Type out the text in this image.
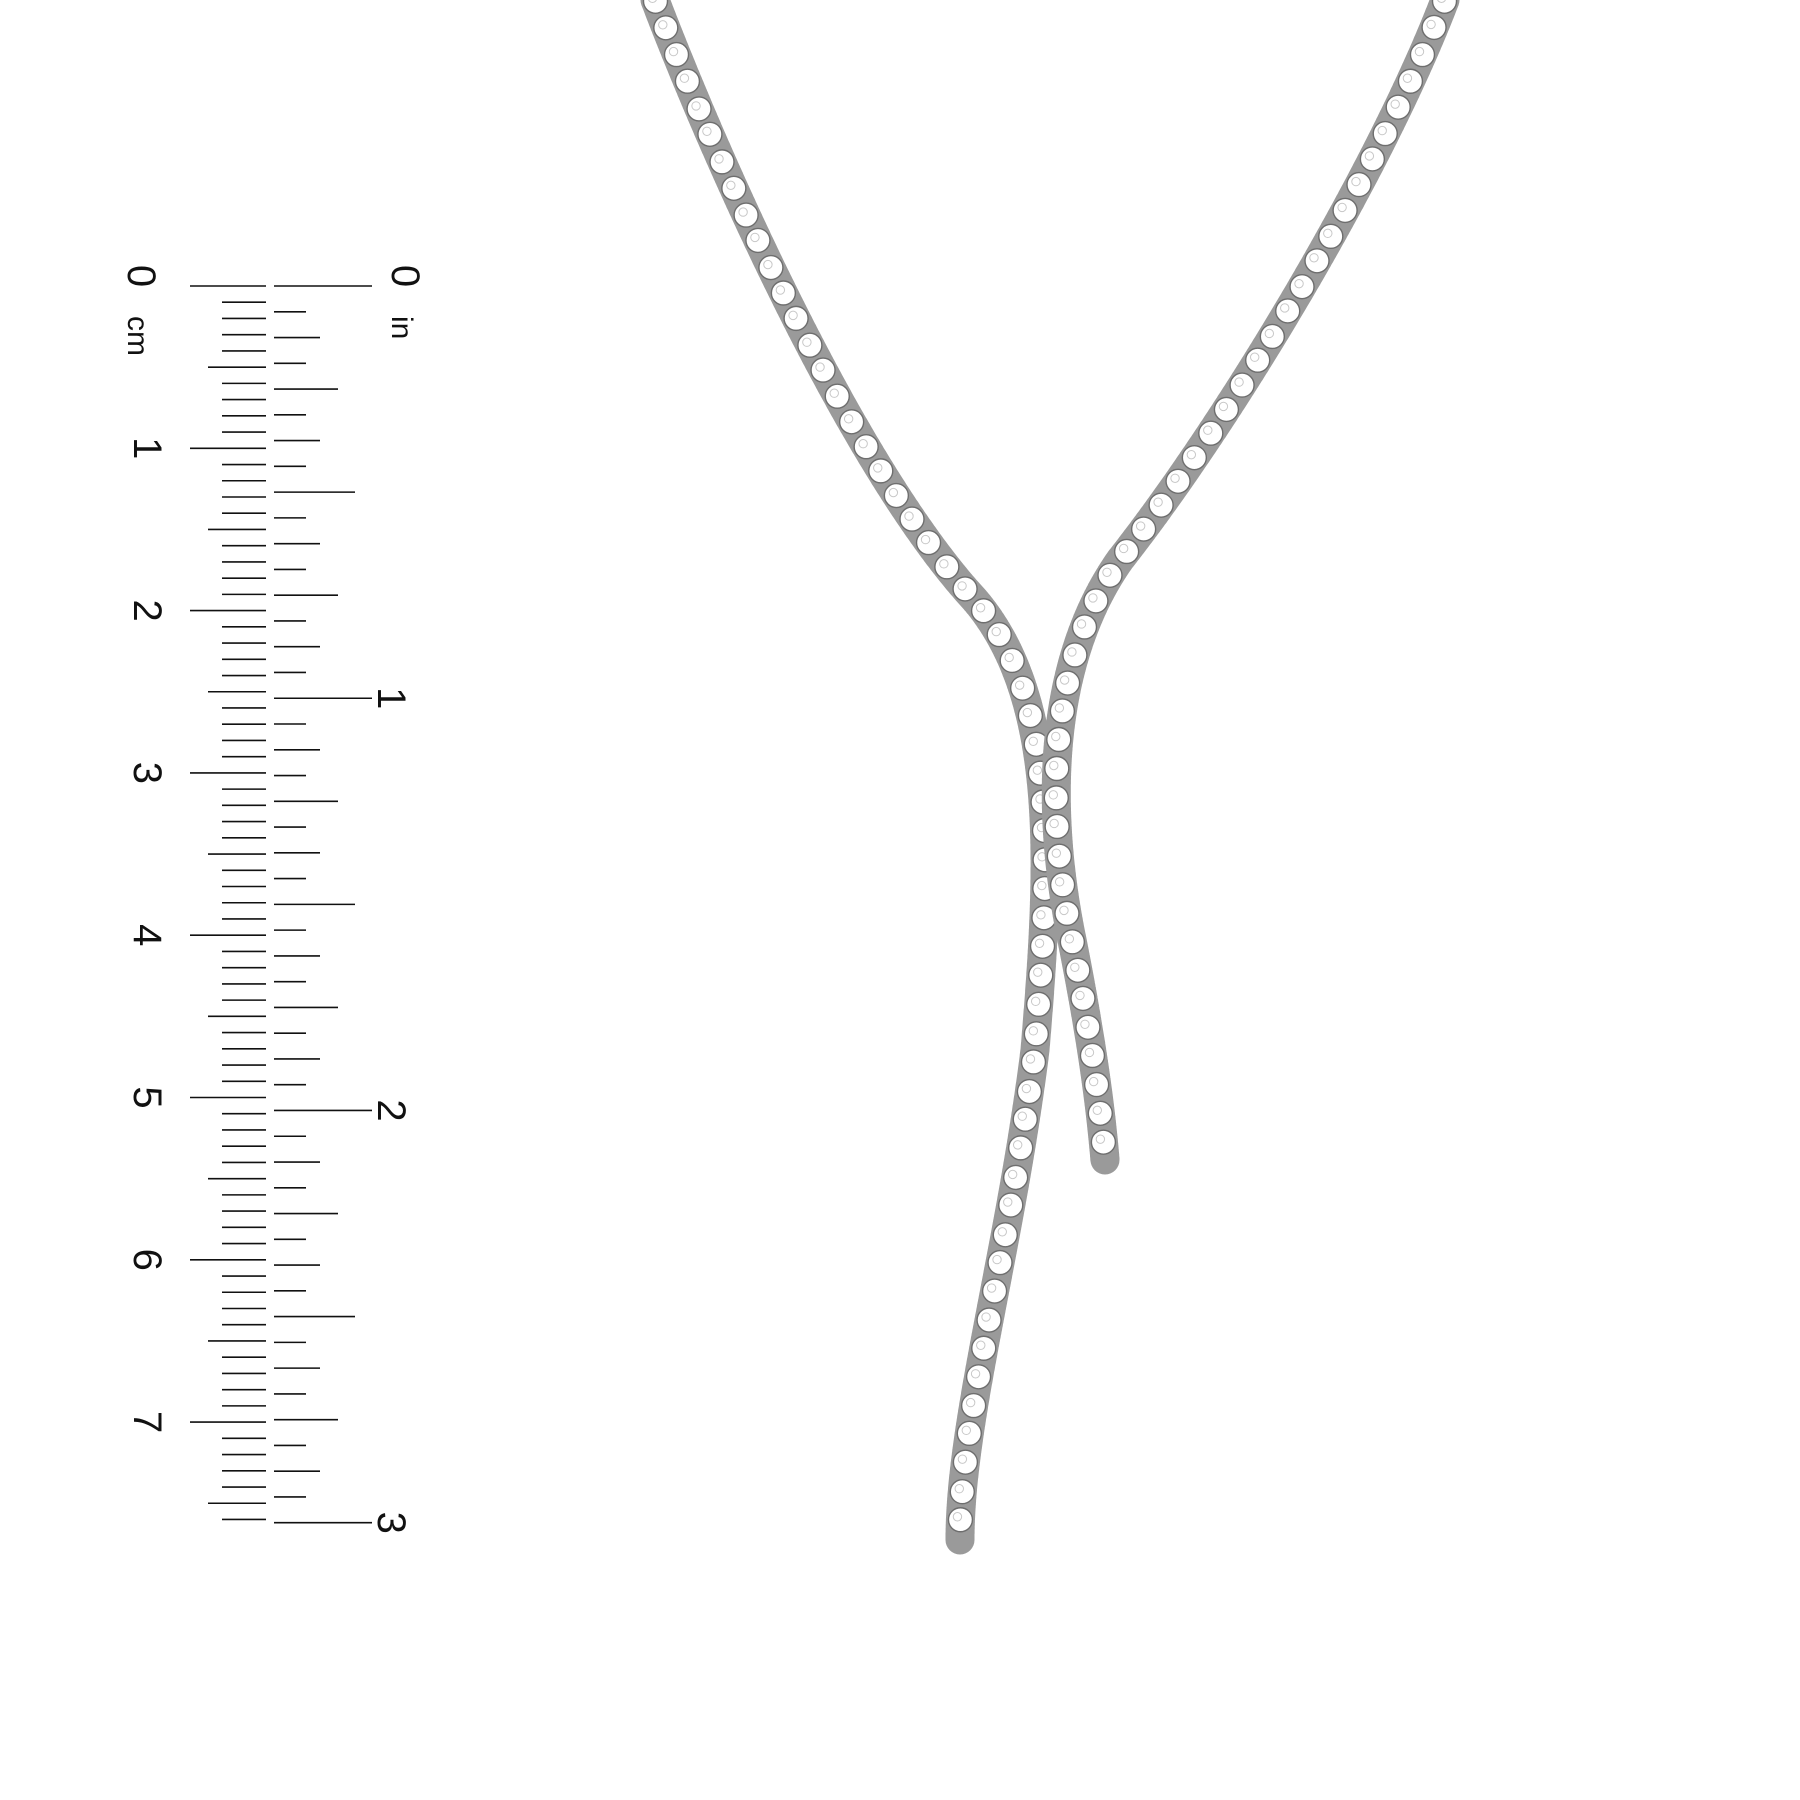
0
cm
0
in
1
2
3
4
5
6
7
1
2
3
